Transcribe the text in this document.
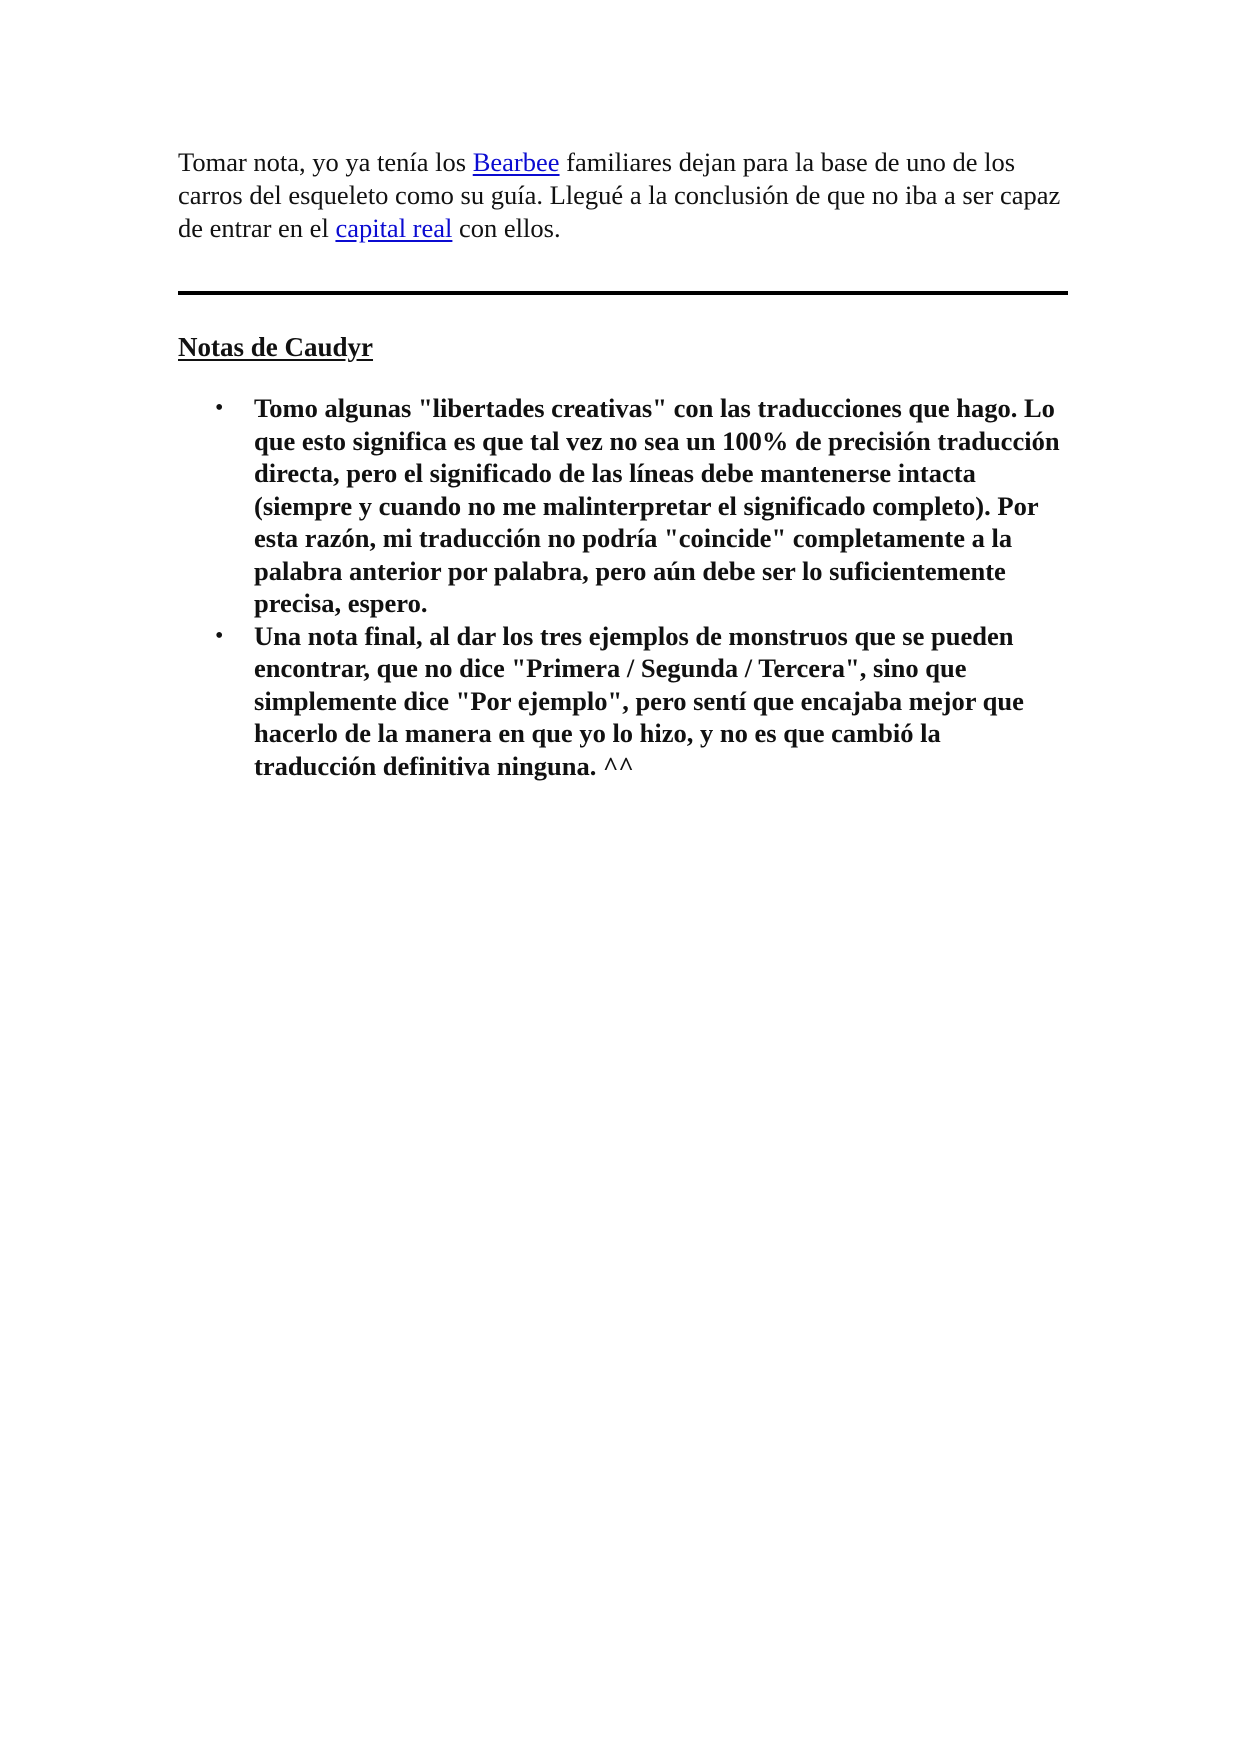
Tomar nota, yo ya tenía los Bearbee familiares dejan para la base de uno de los carros del esqueleto como su guía. Llegué a la conclusión de que no iba a ser capaz de entrar en el capital real con ellos.

Notas de Caudyr
• Tomo algunas "libertades creativas" con las traducciones que hago. Lo que esto significa es que tal vez no sea un 100% de precisión traducción directa, pero el significado de las líneas debe mantenerse intacta (siempre y cuando no me malinterpretar el significado completo). Por esta razón, mi traducción no podría "coincide" completamente a la palabra anterior por palabra, pero aún debe ser lo suficientemente precisa, espero.
• Una nota final, al dar los tres ejemplos de monstruos que se pueden encontrar, que no dice "Primera / Segunda / Tercera", sino que simplemente dice "Por ejemplo", pero sentí que encajaba mejor que hacerlo de la manera en que yo lo hizo, y no es que cambió la traducción definitiva ninguna. ^^
